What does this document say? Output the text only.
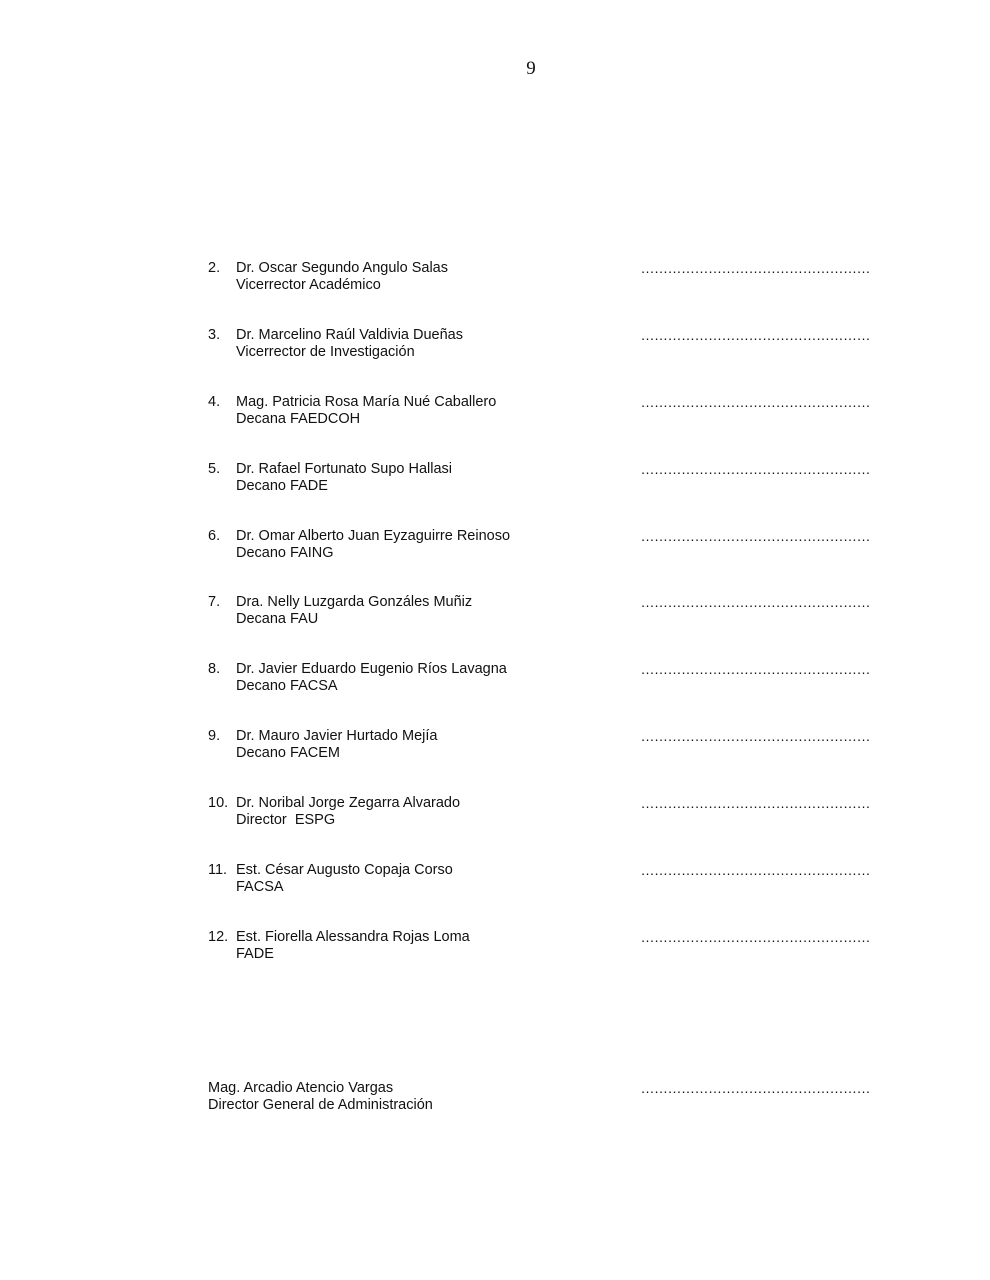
9
2. Dr. Oscar Segundo Angulo Salas
Vicerrector Académico
……………………………………………
3. Dr. Marcelino Raúl Valdivia Dueñas
Vicerrector de Investigación
……………………………………………
4. Mag. Patricia Rosa María Nué Caballero
Decana FAEDCOH
……………………………………………
5. Dr. Rafael Fortunato Supo Hallasi
Decano FADE
……………………………………………
6. Dr. Omar Alberto Juan Eyzaguirre Reinoso
Decano FAING
……………………………………………
7. Dra. Nelly Luzgarda Gonzáles Muñiz
Decana FAU
……………………………………………
8. Dr. Javier Eduardo Eugenio Ríos Lavagna
Decano FACSA
……………………………………………
9. Dr. Mauro Javier Hurtado Mejía
Decano FACEM
……………………………………………
10. Dr. Noribal Jorge Zegarra Alvarado
Director  ESPG
……………………………………………
11. Est. César Augusto Copaja Corso
FACSA
……………………………………………
12. Est. Fiorella Alessandra Rojas Loma
FADE
……………………………………………
Mag. Arcadio Atencio Vargas
Director General de Administración
……………………………………………
